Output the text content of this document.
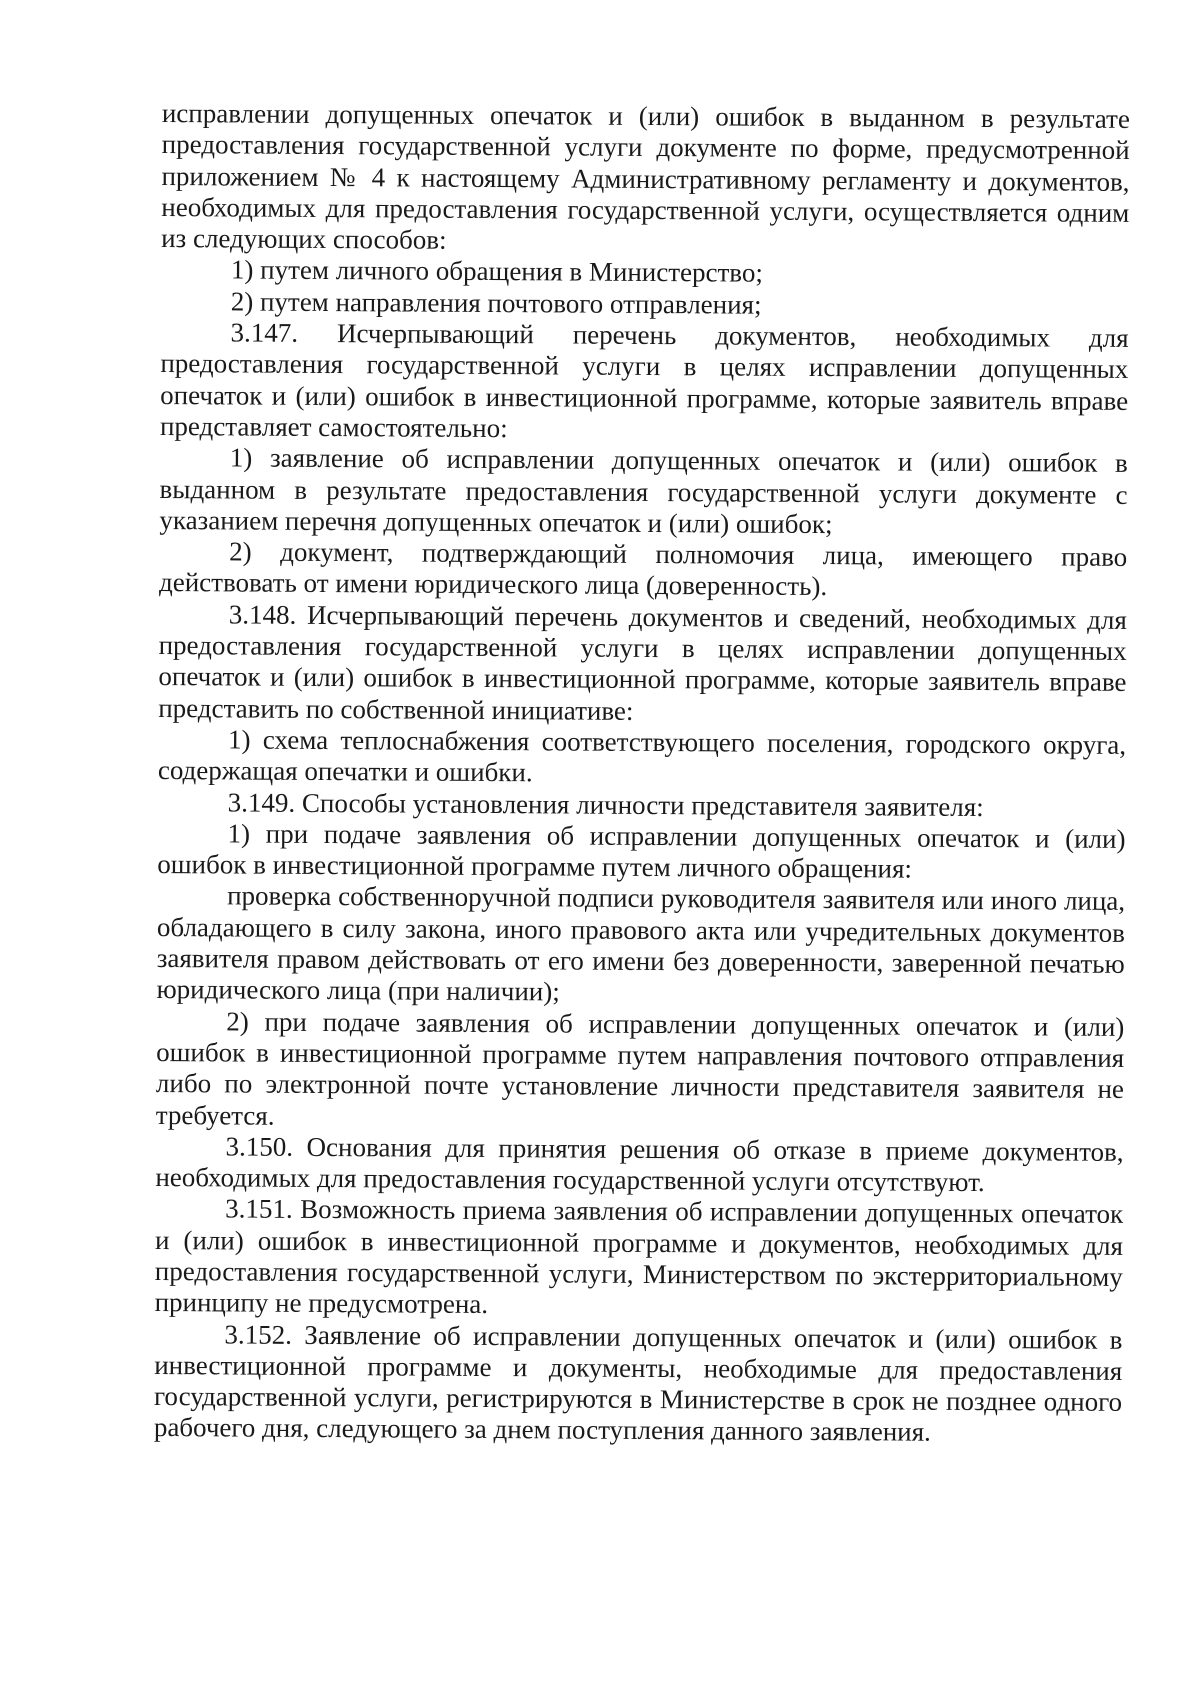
исправлении допущенных опечаток и (или) ошибок в выданном в результате предоставления государственной услуги документе по форме, предусмотренной приложением № 4 к настоящему Административному регламенту и документов, необходимых для предоставления государственной услуги, осуществляется одним из следующих способов:

1) путем личного обращения в Министерство;

2) путем направления почтового отправления;

3.147. Исчерпывающий перечень документов, необходимых для предоставления государственной услуги в целях исправлении допущенных опечаток и (или) ошибок в инвестиционной программе, которые заявитель вправе представляет самостоятельно:

1) заявление об исправлении допущенных опечаток и (или) ошибок в выданном в результате предоставления государственной услуги документе с указанием перечня допущенных опечаток и (или) ошибок;

2) документ, подтверждающий полномочия лица, имеющего право действовать от имени юридического лица (доверенность).

3.148. Исчерпывающий перечень документов и сведений, необходимых для предоставления государственной услуги в целях исправлении допущенных опечаток и (или) ошибок в инвестиционной программе, которые заявитель вправе представить по собственной инициативе:

1) схема теплоснабжения соответствующего поселения, городского округа, содержащая опечатки и ошибки.

3.149. Способы установления личности представителя заявителя:

1) при подаче заявления об исправлении допущенных опечаток и (или) ошибок в инвестиционной программе путем личного обращения:

проверка собственноручной подписи руководителя заявителя или иного лица, обладающего в силу закона, иного правового акта или учредительных документов заявителя правом действовать от его имени без доверенности, заверенной печатью юридического лица (при наличии);

2) при подаче заявления об исправлении допущенных опечаток и (или) ошибок в инвестиционной программе путем направления почтового отправления либо по электронной почте установление личности представителя заявителя не требуется.

3.150. Основания для принятия решения об отказе в приеме документов, необходимых для предоставления государственной услуги отсутствуют.

3.151. Возможность приема заявления об исправлении допущенных опечаток и (или) ошибок в инвестиционной программе и документов, необходимых для предоставления государственной услуги, Министерством по экстерриториальному принципу не предусмотрена.

3.152. Заявление об исправлении допущенных опечаток и (или) ошибок в инвестиционной программе и документы, необходимые для предоставления государственной услуги, регистрируются в Министерстве в срок не позднее одного рабочего дня, следующего за днем поступления данного заявления.
